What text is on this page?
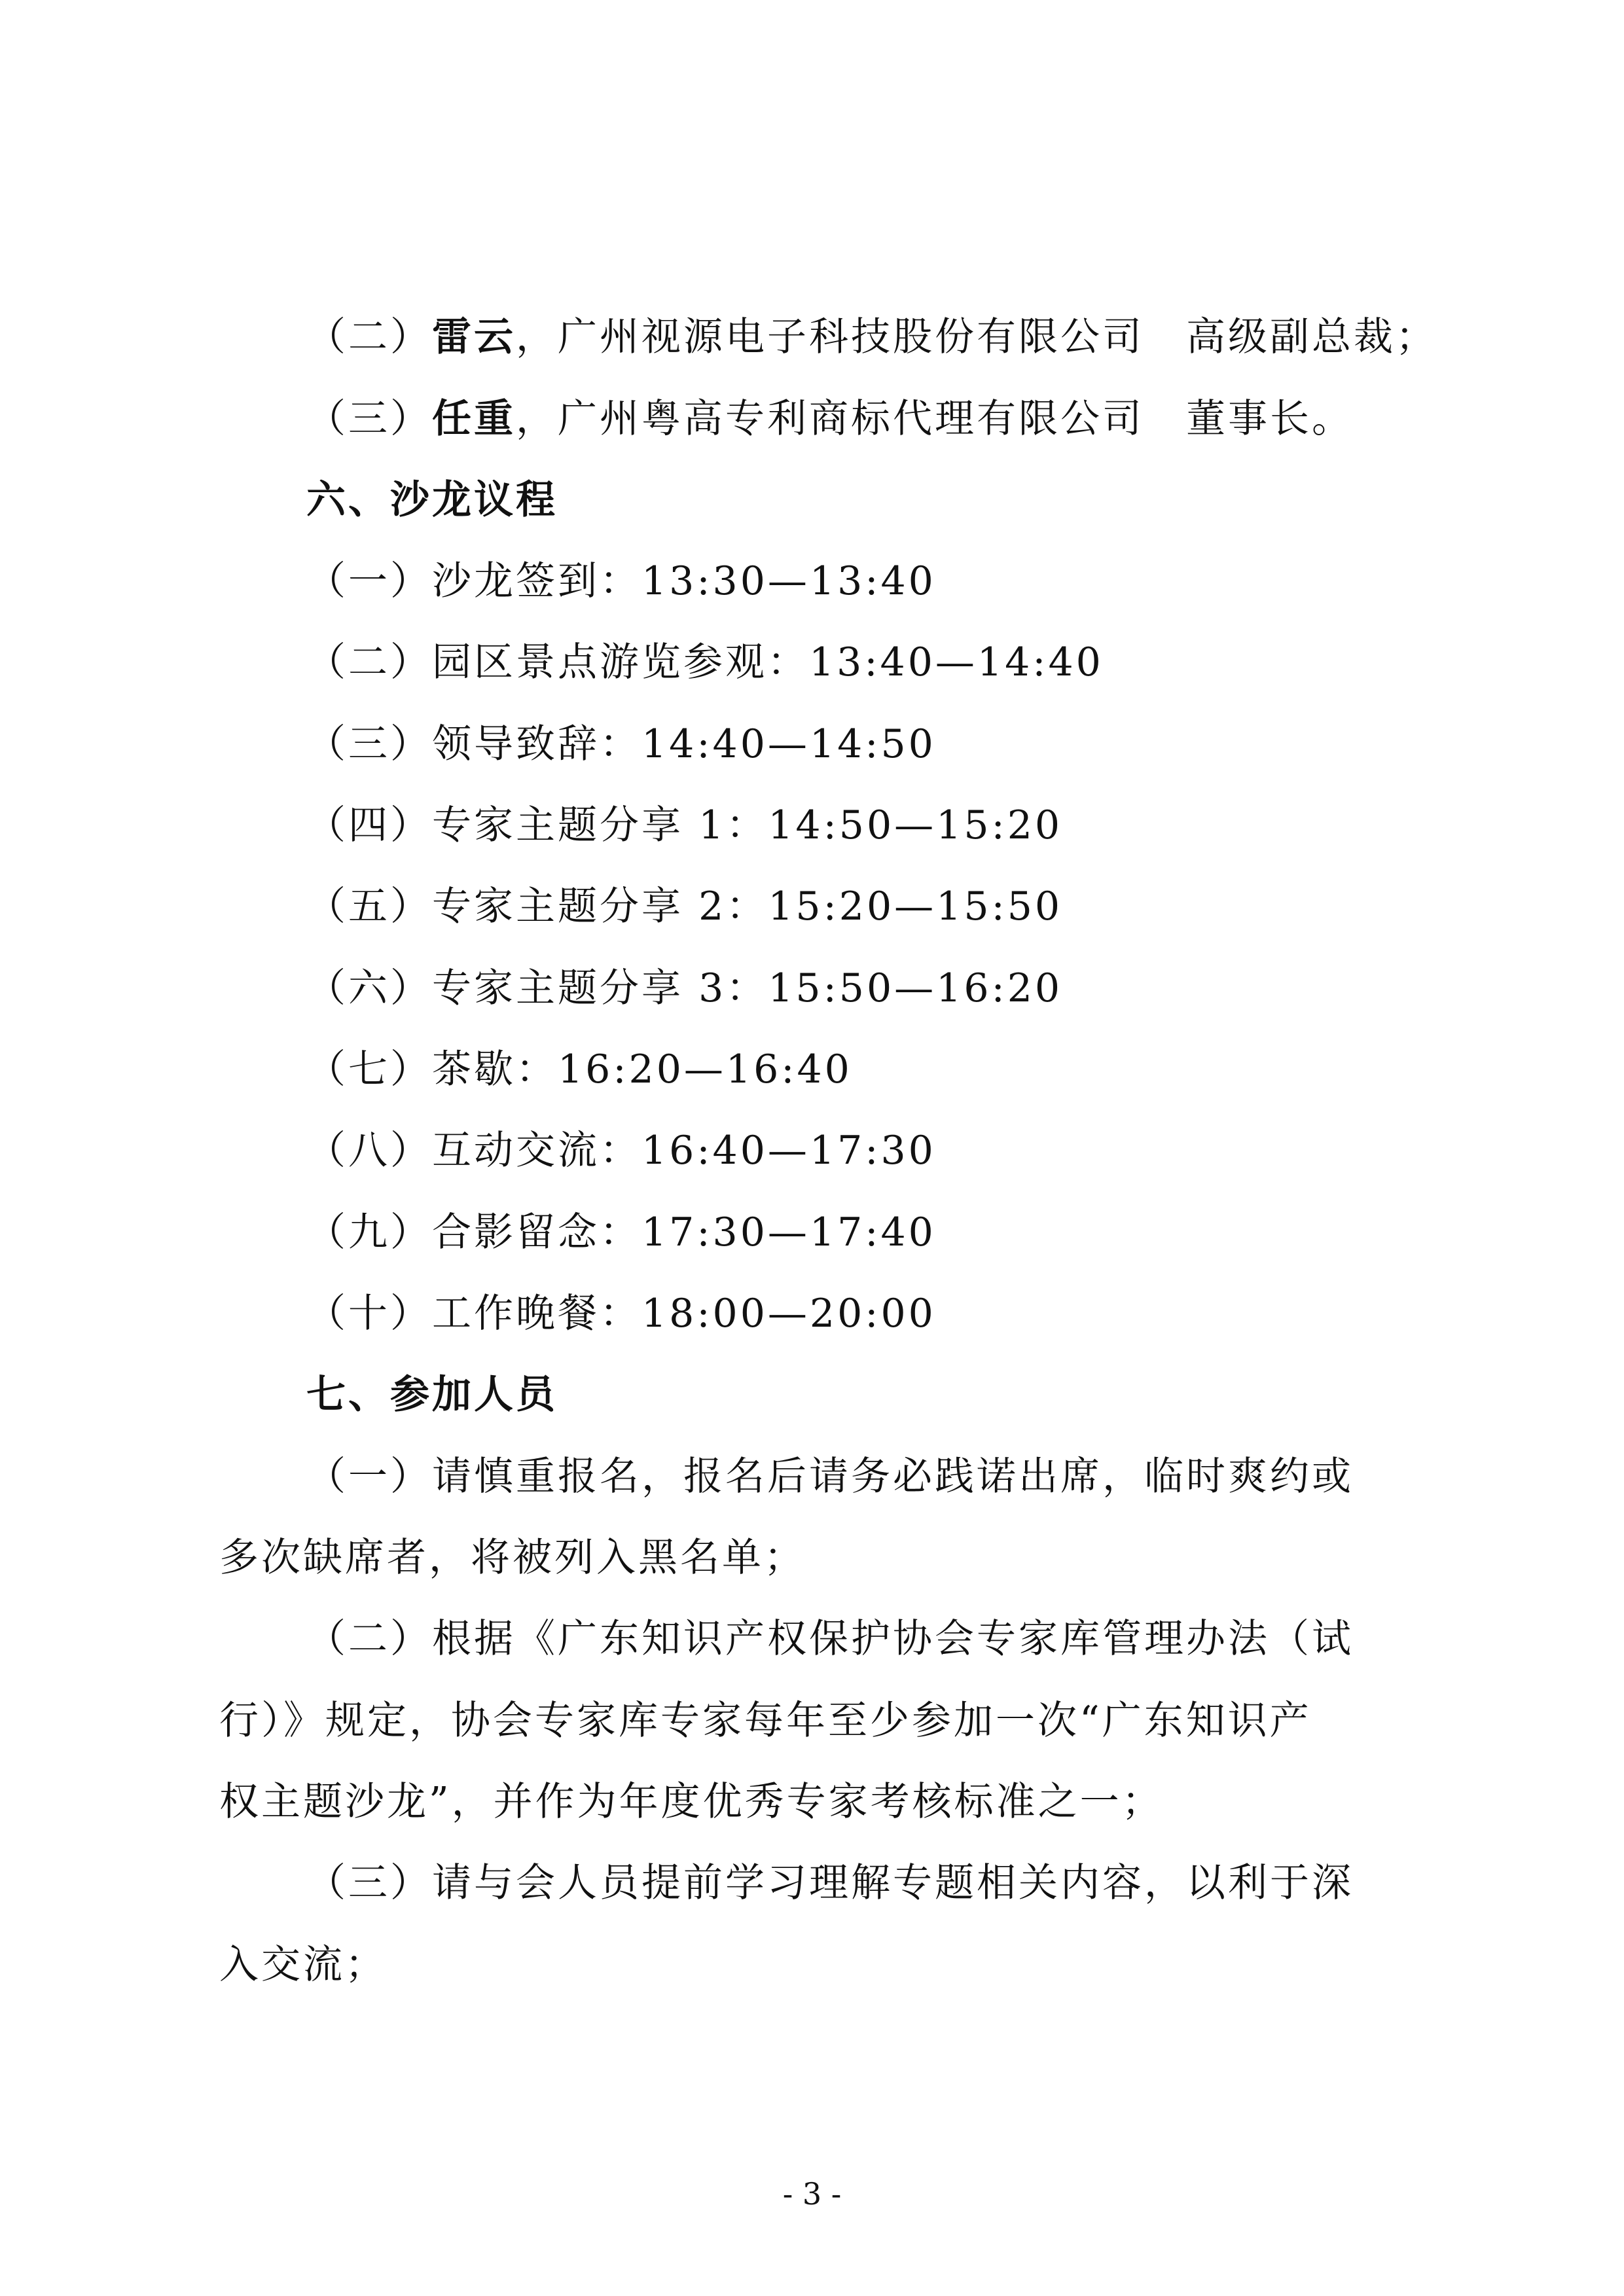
（二）雷云，广州视源电子科技股份有限公司  高级副总裁；
（三）任重，广州粤高专利商标代理有限公司  董事长。
六、沙龙议程
（一）沙龙签到：13:30—13:40
（二）园区景点游览参观：13:40—14:40
（三）领导致辞：14:40—14:50
（四）专家主题分享 1：14:50—15:20
（五）专家主题分享 2：15:20—15:50
（六）专家主题分享 3：15:50—16:20
（七）茶歇：16:20—16:40
（八）互动交流：16:40—17:30
（九）合影留念：17:30—17:40
（十）工作晚餐：18:00—20:00
七、参加人员
（一）请慎重报名，报名后请务必践诺出席，临时爽约或
多次缺席者，将被列入黑名单；
（二）根据《广东知识产权保护协会专家库管理办法（试
行）》规定，协会专家库专家每年至少参加一次“广东知识产
权主题沙龙”，并作为年度优秀专家考核标准之一；
（三）请与会人员提前学习理解专题相关内容，以利于深
入交流；
- 3 -
